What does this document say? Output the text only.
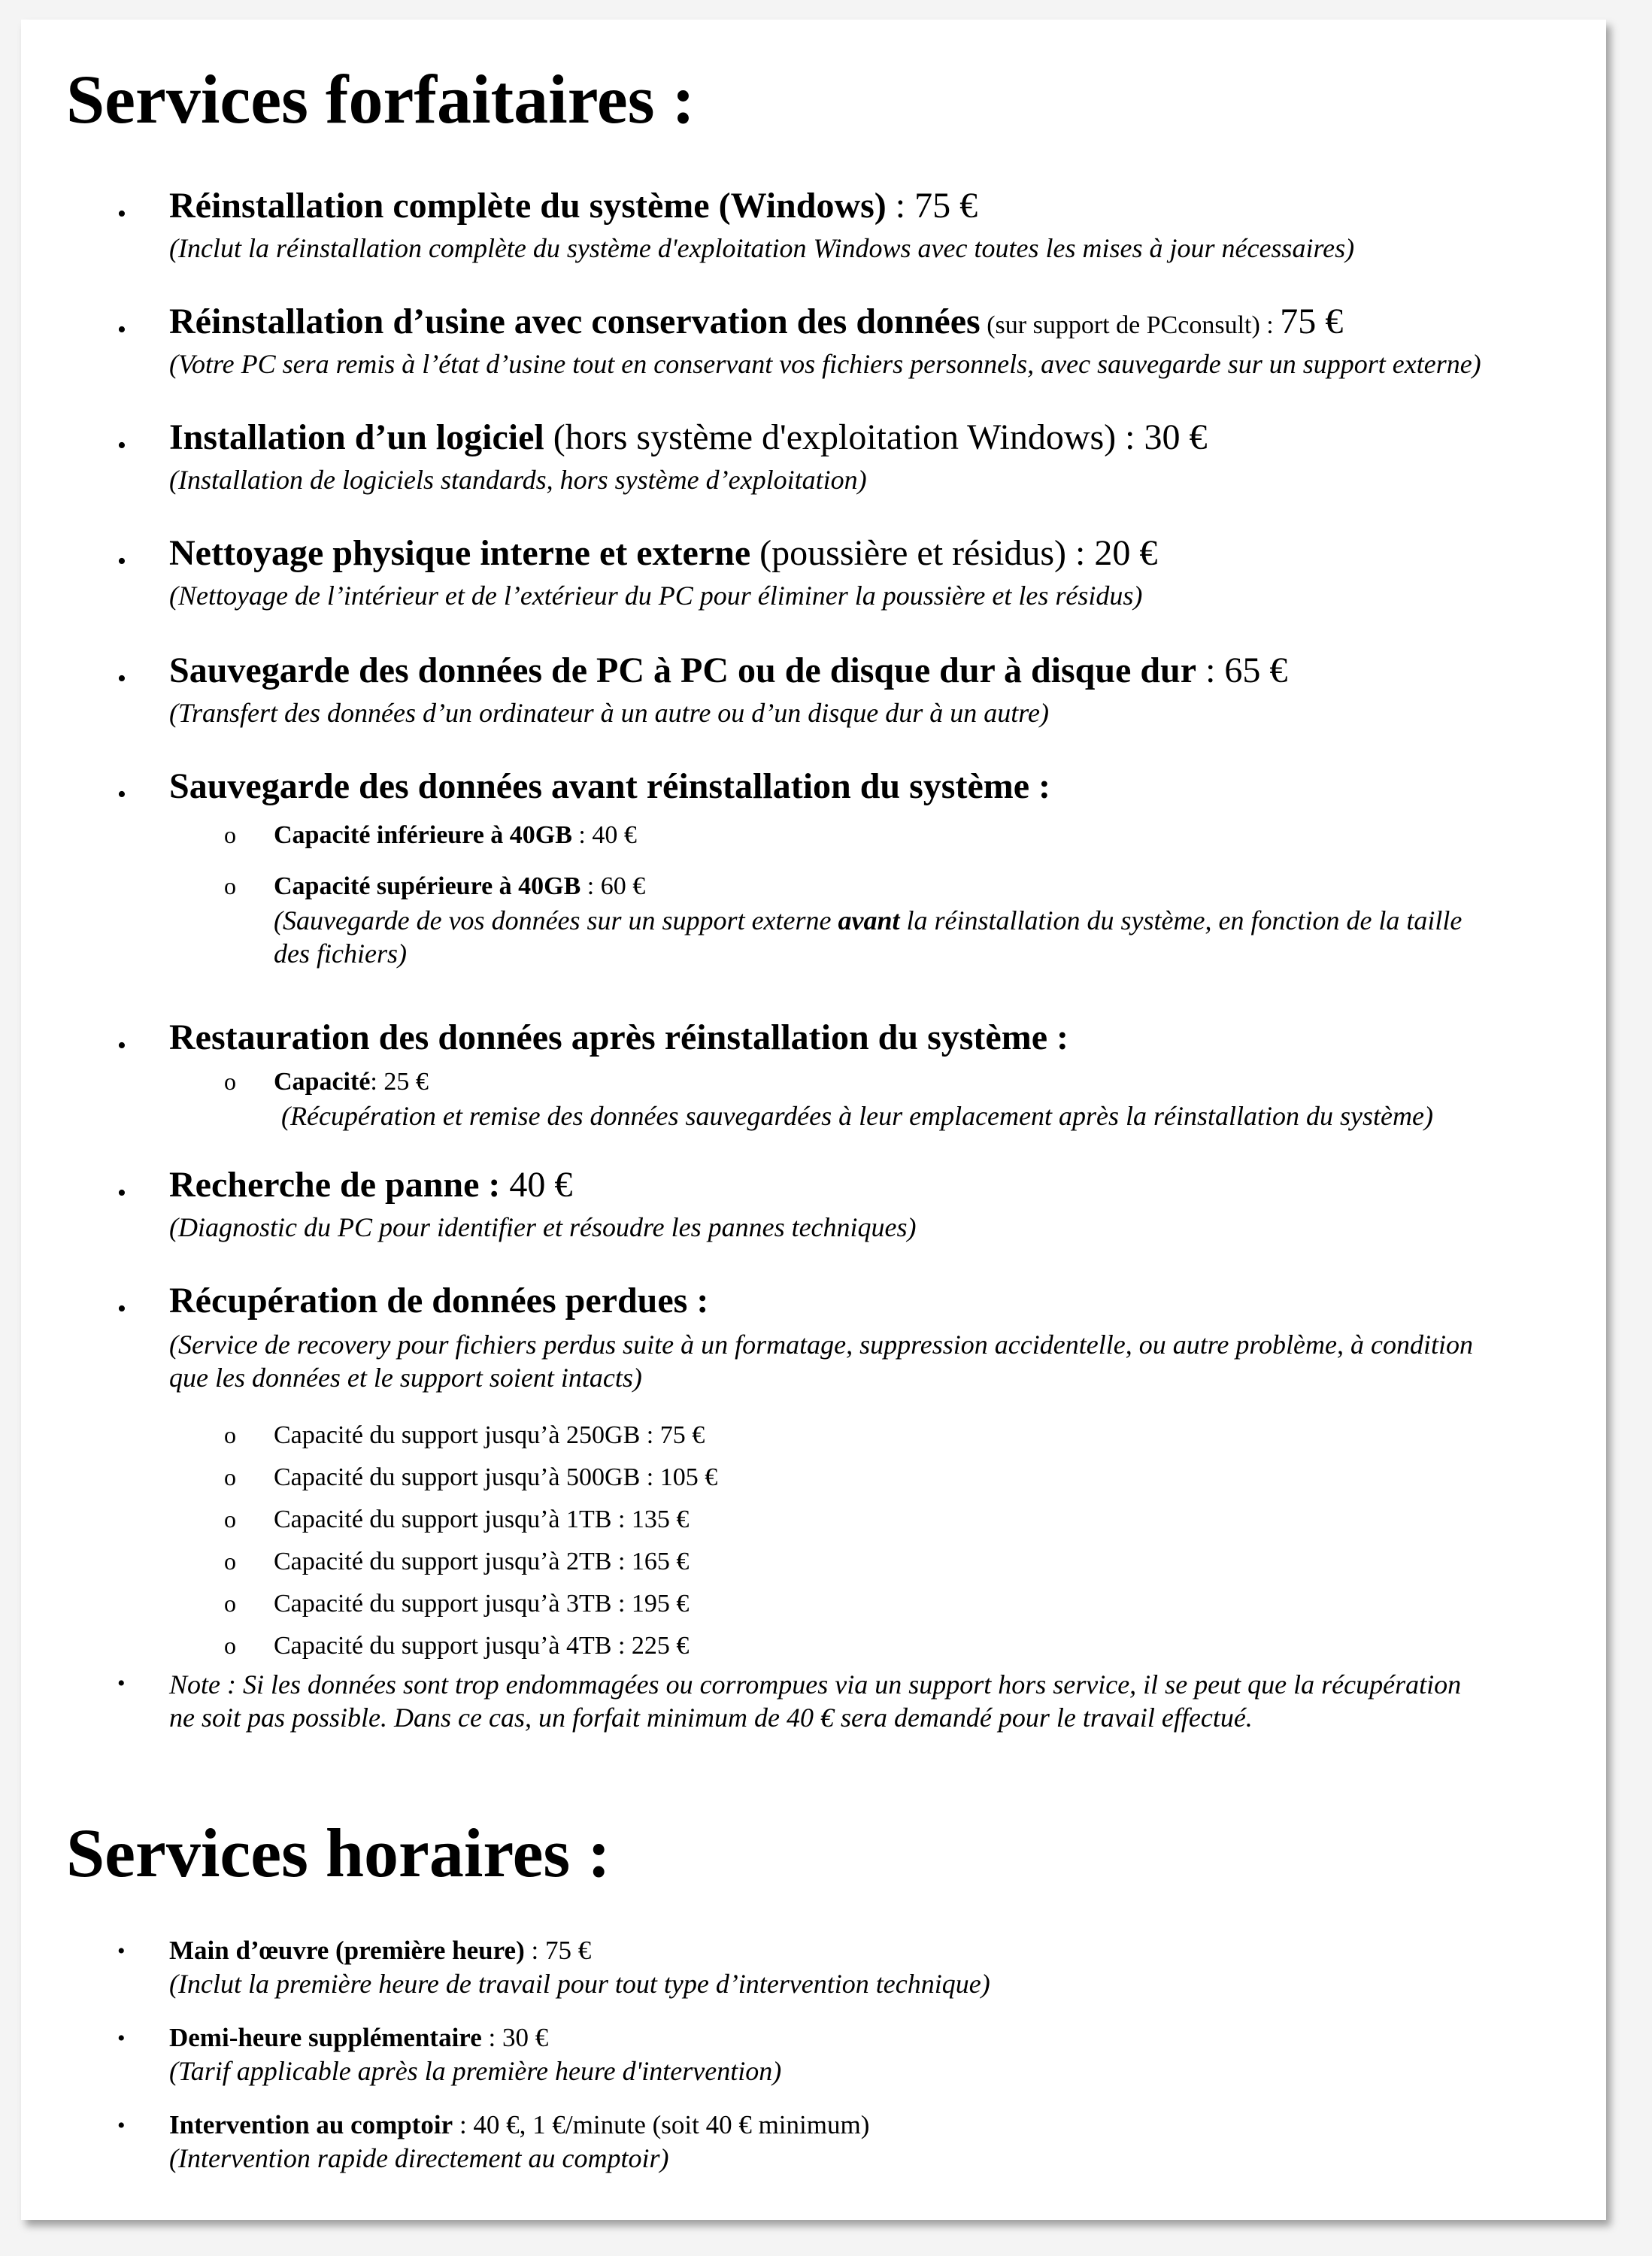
Services forfaitaires :
• Réinstallation complète du système (Windows) : 75 €
(Inclut la réinstallation complète du système d'exploitation Windows avec toutes les mises à jour nécessaires)
• Réinstallation d’usine avec conservation des données (sur support de PCconsult) : 75 €
(Votre PC sera remis à l’état d’usine tout en conservant vos fichiers personnels, avec sauvegarde sur un support externe)
• Installation d’un logiciel (hors système d'exploitation Windows) : 30 €
(Installation de logiciels standards, hors système d’exploitation)
• Nettoyage physique interne et externe (poussière et résidus) : 20 €
(Nettoyage de l’intérieur et de l’extérieur du PC pour éliminer la poussière et les résidus)
• Sauvegarde des données de PC à PC ou de disque dur à disque dur : 65 €
(Transfert des données d’un ordinateur à un autre ou d’un disque dur à un autre)
• Sauvegarde des données avant réinstallation du système :
o Capacité inférieure à 40GB : 40 €
o Capacité supérieure à 40GB : 60 €
(Sauvegarde de vos données sur un support externe avant la réinstallation du système, en fonction de la taille
des fichiers)
• Restauration des données après réinstallation du système :
o Capacité: 25 €
(Récupération et remise des données sauvegardées à leur emplacement après la réinstallation du système)
• Recherche de panne : 40 €
(Diagnostic du PC pour identifier et résoudre les pannes techniques)
• Récupération de données perdues :
(Service de recovery pour fichiers perdus suite à un formatage, suppression accidentelle, ou autre problème, à condition
que les données et le support soient intacts)
o Capacité du support jusqu’à 250GB : 75 €
o Capacité du support jusqu’à 500GB : 105 €
o Capacité du support jusqu’à 1TB : 135 €
o Capacité du support jusqu’à 2TB : 165 €
o Capacité du support jusqu’à 3TB : 195 €
o Capacité du support jusqu’à 4TB : 225 €
• Note : Si les données sont trop endommagées ou corrompues via un support hors service, il se peut que la récupération
ne soit pas possible. Dans ce cas, un forfait minimum de 40 € sera demandé pour le travail effectué.
Services horaires :
• Main d’œuvre (première heure) : 75 €
(Inclut la première heure de travail pour tout type d’intervention technique)
• Demi-heure supplémentaire : 30 €
(Tarif applicable après la première heure d'intervention)
• Intervention au comptoir : 40 €, 1 €/minute (soit 40 € minimum)
(Intervention rapide directement au comptoir)
